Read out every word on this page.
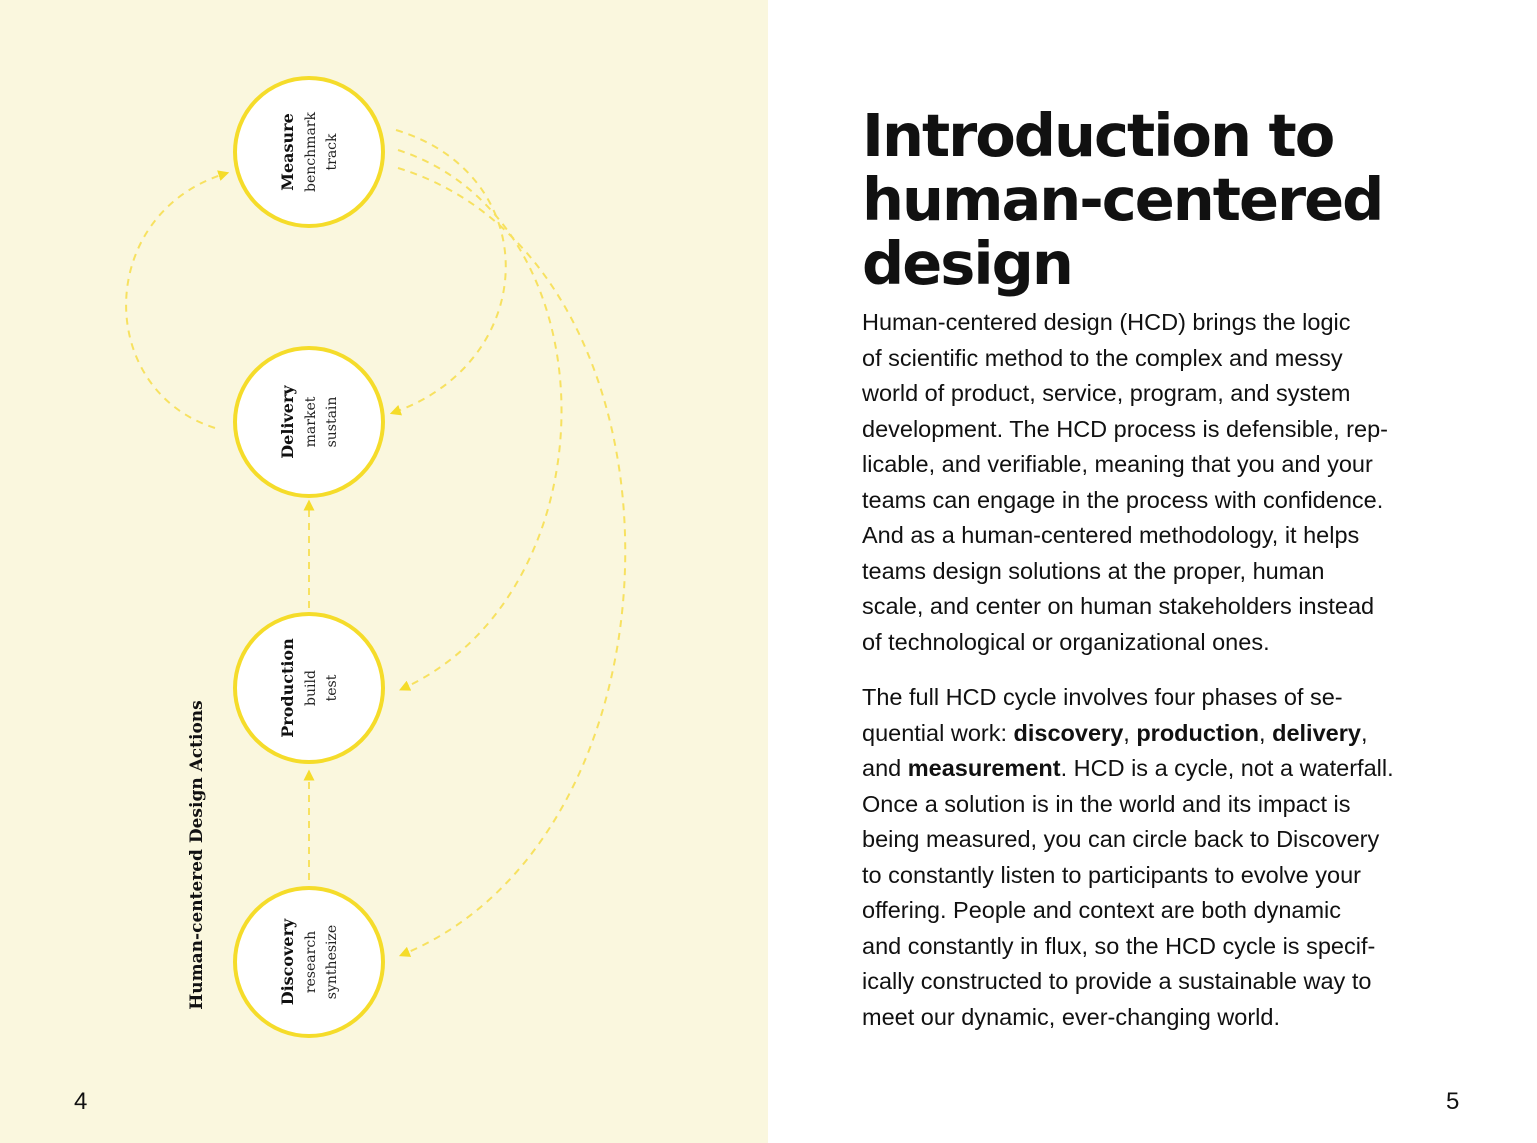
Measure benchmark track
Delivery market sustain
Production build test
Discovery research synthesize
Human-centered Design Actions
4
Introduction to
human-centered
design

Human-centered design (HCD) brings the logic
of scientific method to the complex and messy
world of product, service, program, and system
development. The HCD process is defensible, rep-
licable, and verifiable, meaning that you and your
teams can engage in the process with confidence.
And as a human-centered methodology, it helps
teams design solutions at the proper, human
scale, and center on human stakeholders instead
of technological or organizational ones.

The full HCD cycle involves four phases of se-
quential work: discovery, production, delivery,
and measurement. HCD is a cycle, not a waterfall.
Once a solution is in the world and its impact is
being measured, you can circle back to Discovery
to constantly listen to participants to evolve your
offering. People and context are both dynamic
and constantly in flux, so the HCD cycle is specif-
ically constructed to provide a sustainable way to
meet our dynamic, ever-changing world.

5
